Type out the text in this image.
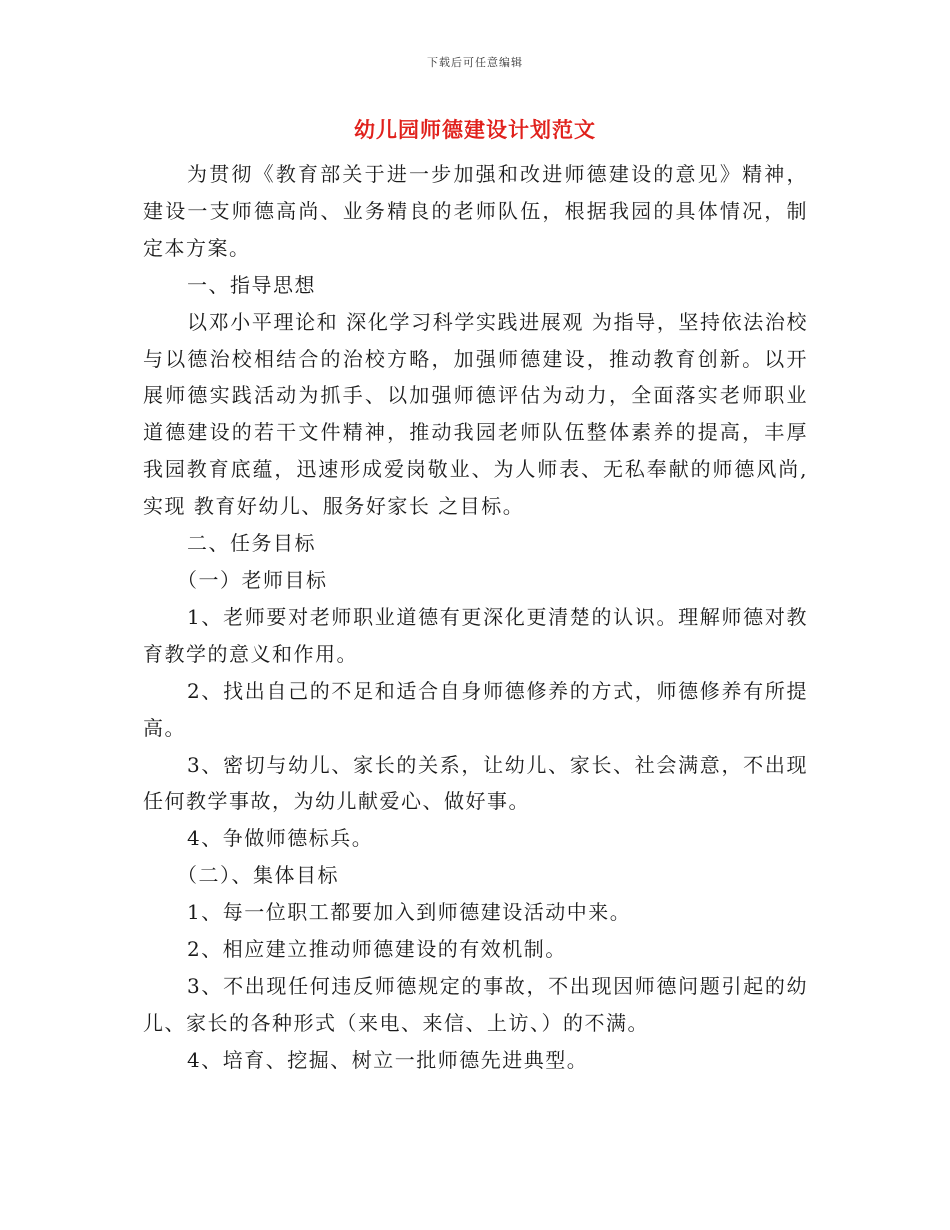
下载后可任意编辑
幼儿园师德建设计划范文

为贯彻《教育部关于进一步加强和改进师德建设的意见》精神，建设一支师德高尚、业务精良的老师队伍，根据我园的具体情况，制定本方案。

一、指导思想

以邓小平理论和 深化学习科学实践进展观 为指导，坚持依法治校与以德治校相结合的治校方略，加强师德建设，推动教育创新。以开展师德实践活动为抓手、以加强师德评估为动力，全面落实老师职业道德建设的若干文件精神，推动我园老师队伍整体素养的提高，丰厚我园教育底蕴，迅速形成爱岗敬业、为人师表、无私奉献的师德风尚,实现 教育好幼儿、服务好家长 之目标。

二、任务目标

（一）老师目标

1、老师要对老师职业道德有更深化更清楚的认识。理解师德对教育教学的意义和作用。

2、找出自己的不足和适合自身师德修养的方式，师德修养有所提高。

3、密切与幼儿、家长的关系，让幼儿、家长、社会满意，不出现任何教学事故，为幼儿献爱心、做好事。

4、争做师德标兵。

（二）、集体目标

1、每一位职工都要加入到师德建设活动中来。

2、相应建立推动师德建设的有效机制。

3、不出现任何违反师德规定的事故，不出现因师德问题引起的幼儿、家长的各种形式（来电、来信、上访、）的不满。

4、培育、挖掘、树立一批师德先进典型。
